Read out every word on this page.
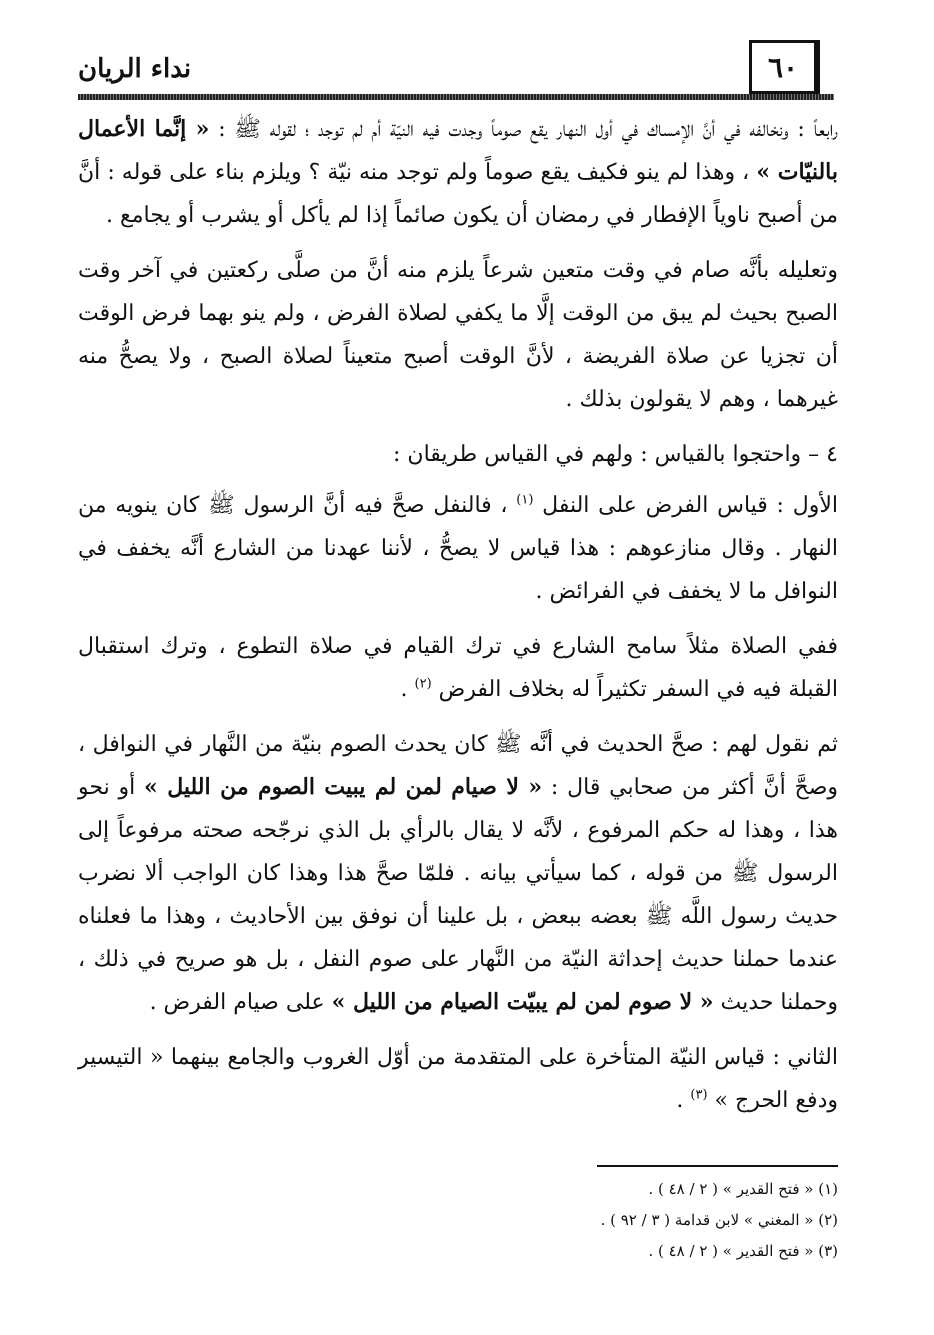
٦٠
نداء الريان

رابعاً : ونخالفه في أنَّ الإمساك في أول النهار يقع صوماً وجدت فيه النيّة أم لم توجد ؛ لقوله ﷺ : « إنَّما الأعمال بالنيّات » ، وهذا لم ينو فكيف يقع صوماً ولم توجد منه نيّة ؟ ويلزم بناء على قوله : أنَّ من أصبح ناوياً الإفطار في رمضان أن يكون صائماً إذا لم يأكل أو يشرب أو يجامع .

وتعليله بأنَّه صام في وقت متعين شرعاً يلزم منه أنَّ من صلَّى ركعتين في آخر وقت الصبح بحيث لم يبق من الوقت إلَّا ما يكفي لصلاة الفرض ، ولم ينو بهما فرض الوقت أن تجزيا عن صلاة الفريضة ، لأنَّ الوقت أصبح متعيناً لصلاة الصبح ، ولا يصحُّ منه غيرهما ، وهم لا يقولون بذلك .

٤ – واحتجوا بالقياس : ولهم في القياس طريقان :

الأول : قياس الفرض على النفل $^{(١)}$ ، فالنفل صحَّ فيه أنَّ الرسول ﷺ كان ينويه من النهار . وقال منازعوهم : هذا قياس لا يصحُّ ، لأننا عهدنا من الشارع أنَّه يخفف في النوافل ما لا يخفف في الفرائض .

ففي الصلاة مثلاً سامح الشارع في ترك القيام في صلاة التطوع ، وترك استقبال القبلة فيه في السفر تكثيراً له بخلاف الفرض $^{(٢)}$ .

ثم نقول لهم : صحَّ الحديث في أنَّه ﷺ كان يحدث الصوم بنيّة من النَّهار في النوافل ، وصحَّ أنَّ أكثر من صحابي قال : « لا صيام لمن لم يبيت الصوم من الليل » أو نحو هذا ، وهذا له حكم المرفوع ، لأنَّه لا يقال بالرأي بل الذي نرجّحه صحته مرفوعاً إلى الرسول ﷺ من قوله ، كما سيأتي بيانه . فلمّا صحَّ هذا وهذا كان الواجب ألا نضرب حديث رسول اللَّه ﷺ بعضه ببعض ، بل علينا أن نوفق بين الأحاديث ، وهذا ما فعلناه عندما حملنا حديث إحداثة النيّة من النَّهار على صوم النفل ، بل هو صريح في ذلك ، وحملنا حديث « لا صوم لمن لم يبيّت الصيام من الليل » على صيام الفرض .

الثاني : قياس النيّة المتأخرة على المتقدمة من أوّل الغروب والجامع بينهما « التيسير ودفع الحرج » $^{(٣)}$ .

(١) « فتح القدير » ( ٢ / ٤٨ ) .

(٢) « المغني » لابن قدامة ( ٣ / ٩٢ ) .

(٣) « فتح القدير » ( ٢ / ٤٨ ) .
